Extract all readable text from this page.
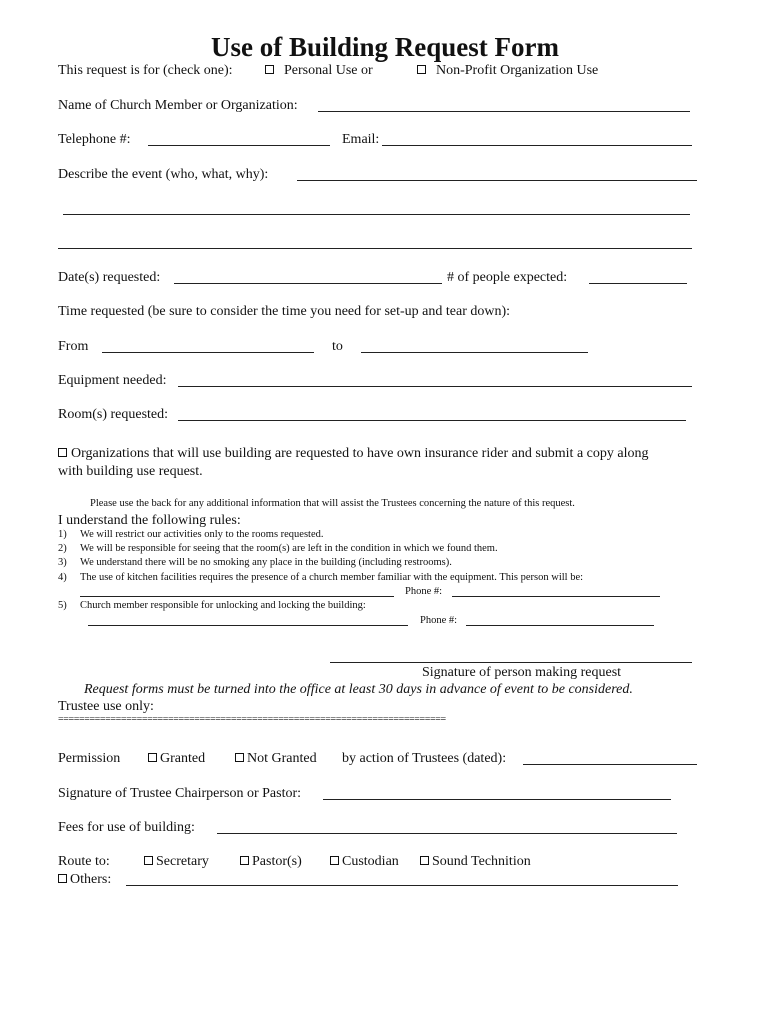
Use of Building Request Form
This request is for (check one):	Personal Use or	Non-Profit Organization Use
Name of Church Member or Organization:
Telephone #:	Email:
Describe the event (who, what, why):
Date(s) requested:	# of people expected:
Time requested (be sure to consider the time you need for set-up and tear down):
From	to
Equipment needed:
Room(s) requested:
Organizations that will use building are requested to have own insurance rider and submit a copy along
with building use request.
Please use the back for any additional information that will assist the Trustees concerning the nature of this request.
I understand the following rules:
1) We will restrict our activities only to the rooms requested.
2) We will be responsible for seeing that the room(s) are left in the condition in which we found them.
3) We understand there will be no smoking any place in the building (including restrooms).
4) The use of kitchen facilities requires the presence of a church member familiar with the equipment. This person will be:
Phone #:
5) Church member responsible for unlocking and locking the building:
Phone #:
Signature of person making request
Request forms must be turned into the office at least 30 days in advance of event to be considered.
Trustee use only:
==========================================================================
Permission	Granted	Not Granted by action of Trustees (dated):
Signature of Trustee Chairperson or Pastor:
Fees for use of building:
Route to:	Secretary	Pastor(s)	Custodian	Sound Technition
Others:
